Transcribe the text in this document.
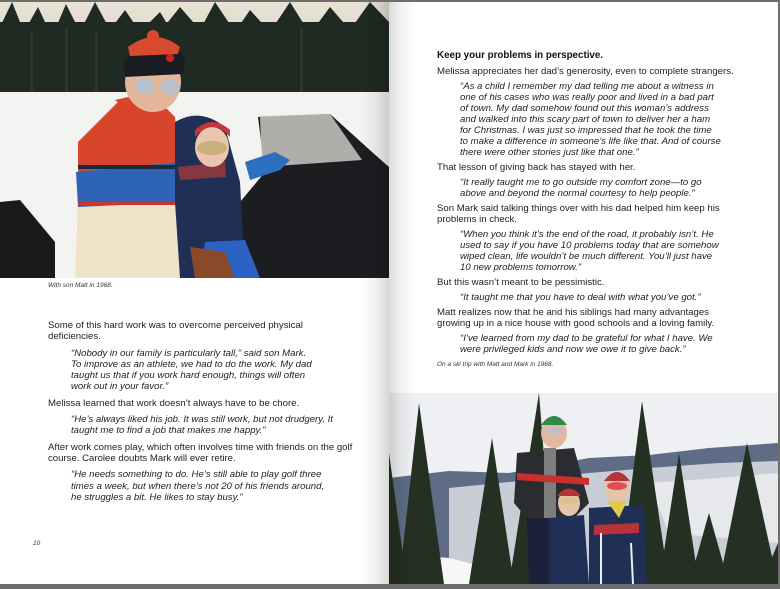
With son Matt in 1968.

Some of this hard work was to overcome perceived physical deficiencies.

“Nobody in our family is particularly tall,” said son Mark. To improve as an athlete, we had to do the work. My dad taught us that if you work hard enough, things will often work out in your favor.”

Melissa learned that work doesn’t always have to be chore.

“He’s always liked his job. It was still work, but not drudgery. It taught me to find a job that makes me happy.”

After work comes play, which often involves time with friends on the golf course. Carolee doubts Mark will ever retire.

“He needs something to do. He’s still able to play golf three times a week, but when there’s not 20 of his friends around, he struggles a bit. He likes to stay busy.”

10

Keep your problems in perspective.

Melissa appreciates her dad’s generosity, even to complete strangers.

“As a child I remember my dad telling me about a witness in one of his cases who was really poor and lived in a bad part of town. My dad somehow found out this woman’s address and walked into this scary part of town to deliver her a ham for Christmas. I was just so impressed that he took the time to make a difference in someone’s life like that. And of course there were other stories just like that one.”

That lesson of giving back has stayed with her.

“It really taught me to go outside my comfort zone—to go above and beyond the normal courtesy to help people.”

Son Mark said talking things over with his dad helped him keep his problems in check.

“When you think it’s the end of the road, it probably isn’t. He used to say if you have 10 problems today that are somehow wiped clean, life wouldn’t be much different. You’ll just have 10 new problems tomorrow.”

But this wasn’t meant to be pessimistic.

“It taught me that you have to deal with what you’ve got.”

Matt realizes now that he and his siblings had many advantages growing up in a nice house with good schools and a loving family.

“I’ve learned from my dad to be grateful for what I have. We were privileged kids and now we owe it to give back.”

On a ski trip with Matt and Mark in 1968.
